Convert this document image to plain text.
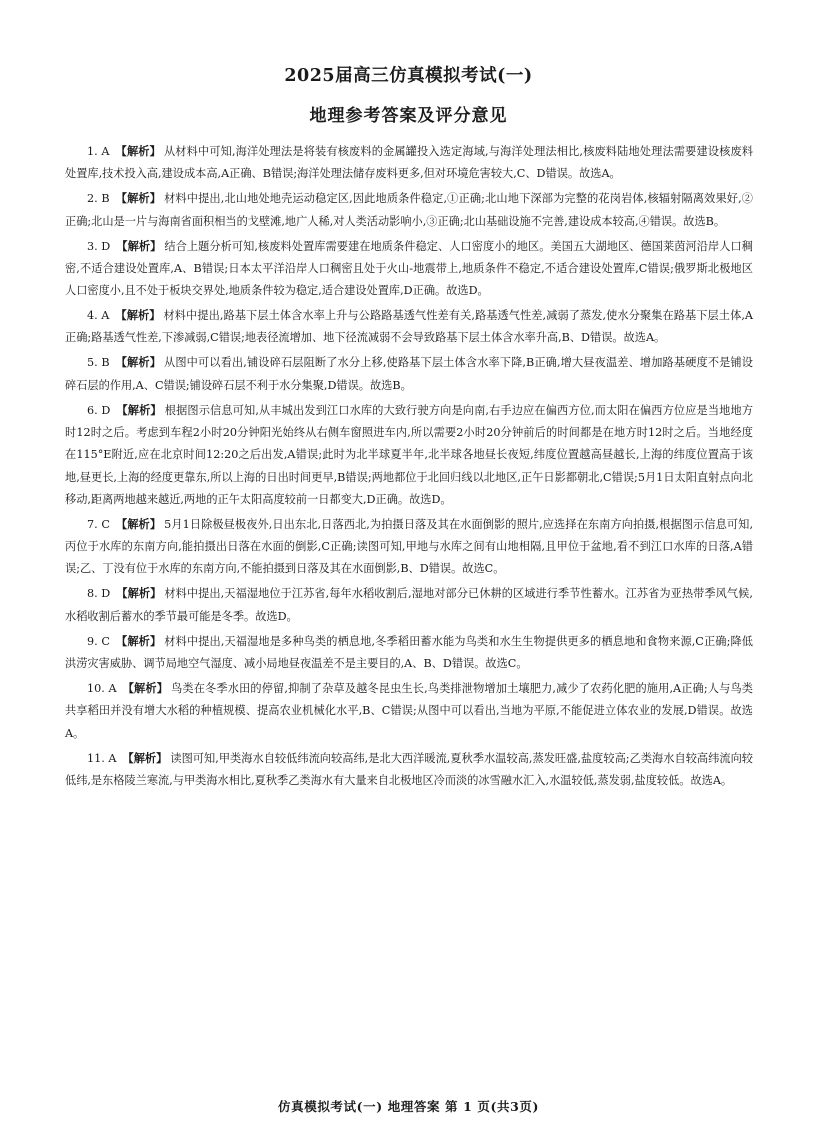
2025届高三仿真模拟考试(一)
地理参考答案及评分意见

1. A 【解析】 从材料中可知,海洋处理法是将装有核废料的金属罐投入选定海域,与海洋处理法相比,核废料陆地处理法需要建设核废料处置库,技术投入高,建设成本高,A正确、B错误;海洋处理法储存废料更多,但对环境危害较大,C、D错误。故选A。

2. B 【解析】 材料中提出,北山地处地壳运动稳定区,因此地质条件稳定,①正确;北山地下深部为完整的花岗岩体,核辐射隔离效果好,②正确;北山是一片与海南省面积相当的戈壁滩,地广人稀,对人类活动影响小,③正确;北山基础设施不完善,建设成本较高,④错误。故选B。

3. D 【解析】 结合上题分析可知,核废料处置库需要建在地质条件稳定、人口密度小的地区。美国五大湖地区、德国莱茵河沿岸人口稠密,不适合建设处置库,A、B错误;日本太平洋沿岸人口稠密且处于火山-地震带上,地质条件不稳定,不适合建设处置库,C错误;俄罗斯北极地区人口密度小,且不处于板块交界处,地质条件较为稳定,适合建设处置库,D正确。故选D。

4. A 【解析】 材料中提出,路基下层土体含水率上升与公路路基透气性差有关,路基透气性差,减弱了蒸发,使水分聚集在路基下层土体,A正确;路基透气性差,下渗减弱,C错误;地表径流增加、地下径流减弱不会导致路基下层土体含水率升高,B、D错误。故选A。

5. B 【解析】 从图中可以看出,铺设碎石层阻断了水分上移,使路基下层土体含水率下降,B正确,增大昼夜温差、增加路基硬度不是铺设碎石层的作用,A、C错误;铺设碎石层不利于水分集聚,D错误。故选B。

6. D 【解析】 根据图示信息可知,从丰城出发到江口水库的大致行驶方向是向南,右手边应在偏西方位,而太阳在偏西方位应是当地地方时12时之后。考虑到车程2小时20分钟阳光始终从右侧车窗照进车内,所以需要2小时20分钟前后的时间都是在地方时12时之后。当地经度在115°E附近,应在北京时间12:20之后出发,A错误;此时为北半球夏半年,北半球各地昼长夜短,纬度位置越高昼越长,上海的纬度位置高于该地,昼更长,上海的经度更靠东,所以上海的日出时间更早,B错误;两地都位于北回归线以北地区,正午日影都朝北,C错误;5月1日太阳直射点向北移动,距离两地越来越近,两地的正午太阳高度较前一日都变大,D正确。故选D。

7. C 【解析】 5月1日除极昼极夜外,日出东北,日落西北,为拍摄日落及其在水面倒影的照片,应选择在东南方向拍摄,根据图示信息可知,丙位于水库的东南方向,能拍摄出日落在水面的倒影,C正确;读图可知,甲地与水库之间有山地相隔,且甲位于盆地,看不到江口水库的日落,A错误;乙、丁没有位于水库的东南方向,不能拍摄到日落及其在水面倒影,B、D错误。故选C。

8. D 【解析】 材料中提出,天福湿地位于江苏省,每年水稻收割后,湿地对部分已休耕的区域进行季节性蓄水。江苏省为亚热带季风气候,水稻收割后蓄水的季节最可能是冬季。故选D。

9. C 【解析】 材料中提出,天福湿地是多种鸟类的栖息地,冬季稻田蓄水能为鸟类和水生生物提供更多的栖息地和食物来源,C正确;降低洪涝灾害威胁、调节局地空气湿度、减小局地昼夜温差不是主要目的,A、B、D错误。故选C。

10. A 【解析】 鸟类在冬季水田的停留,抑制了杂草及越冬昆虫生长,鸟类排泄物增加土壤肥力,减少了农药化肥的施用,A正确;人与鸟类共享稻田并没有增大水稻的种植规模、提高农业机械化水平,B、C错误;从图中可以看出,当地为平原,不能促进立体农业的发展,D错误。故选A。

11. A 【解析】 读图可知,甲类海水自较低纬流向较高纬,是北大西洋暖流,夏秋季水温较高,蒸发旺盛,盐度较高;乙类海水自较高纬流向较低纬,是东格陵兰寒流,与甲类海水相比,夏秋季乙类海水有大量来自北极地区冷而淡的冰雪融水汇入,水温较低,蒸发弱,盐度较低。故选A。

仿真模拟考试(一) 地理答案 第 1 页(共3页)
